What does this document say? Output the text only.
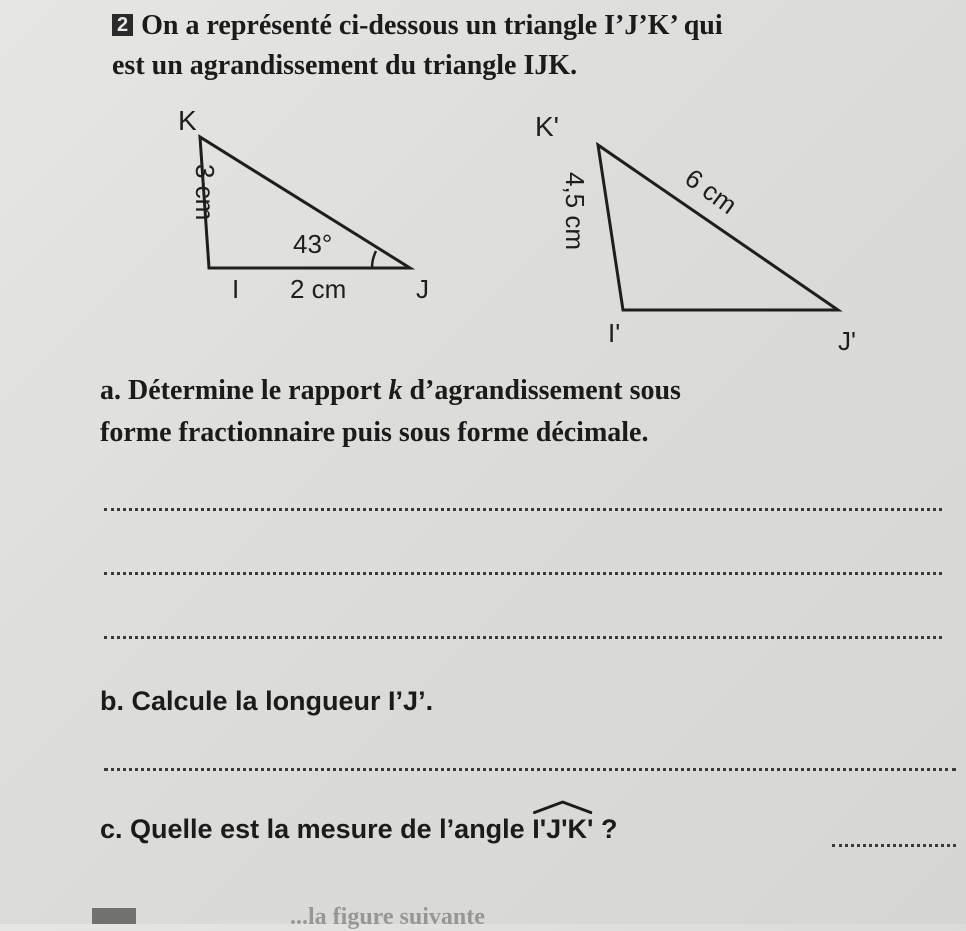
2 On a représenté ci-dessous un triangle I’J’K’ qui
est un agrandissement du triangle IJK.
K
I	J
2 cm
43°
3 cm
K'
I'	J'
4,5 cm	6 cm
a. Détermine le rapport k d’agrandissement sous
forme fractionnaire puis sous forme décimale.
b. Calcule la longueur I’J’.
c. Quelle est la mesure de l’angle
I'J'K' ?
...la figure suivante
